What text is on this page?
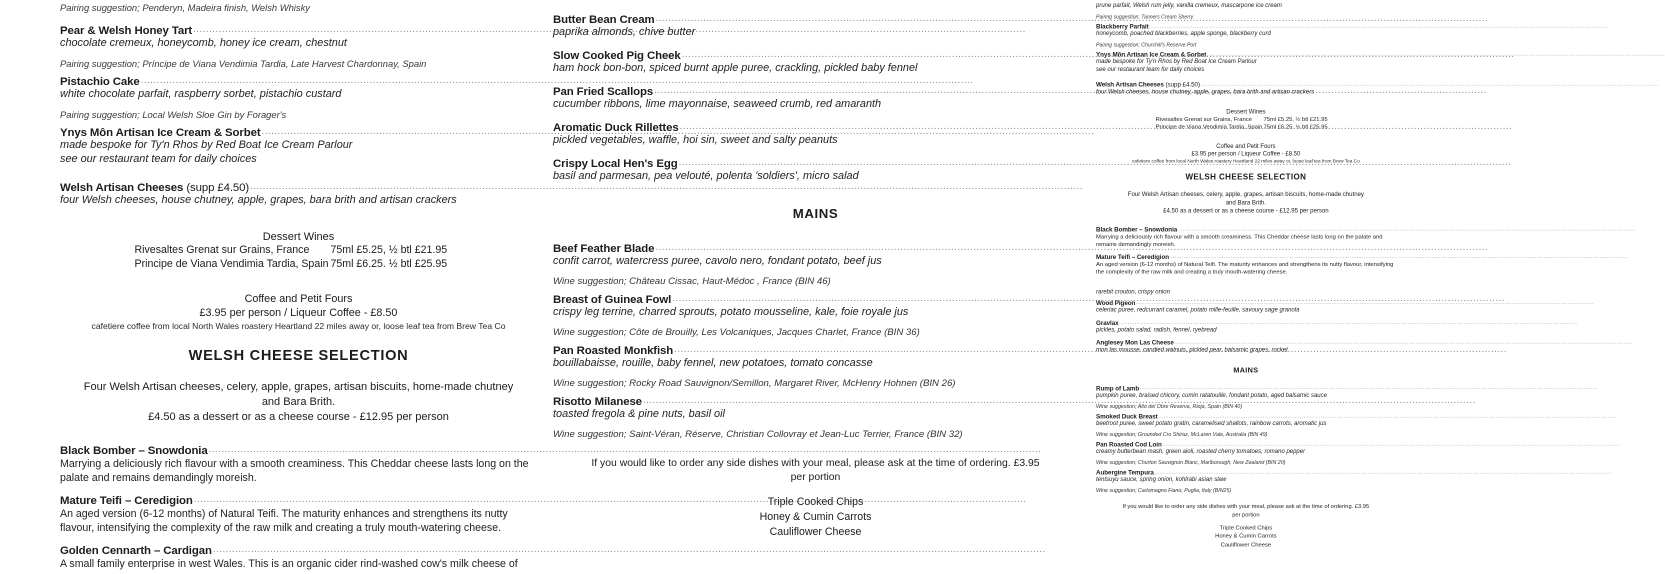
Pairing suggestion; Penderyn, Madeira finish, Welsh Whisky
Pear & Welsh Honey Tart
.....
chocolate cremeux, honeycomb, honey ice cream, chestnut
Pairing suggestion; Príncipe de Viana Vendimia Tardia, Late Harvest Chardonnay, Spain
Pistachio Cake
.....
white chocolate parfait, raspberry sorbet, pistachio custard
Pairing suggestion; Local Welsh Sloe Gin by Forager's
Ynys Môn Artisan Ice Cream & Sorbet
.....
made bespoke for Ty'n Rhos by Red Boat Ice Cream Parlour
see our restaurant team for daily choices
Welsh Artisan Cheeses (supp £4.50)
.....
four Welsh cheeses, house chutney, apple, grapes, bara brith and artisan crackers
Dessert Wines
Rivesaltes Grenat sur Grains, France	75ml £5.25, ½ btl £21.95
Principe de Viana Vendimia Tardia, Spain 75ml £6.25. ½ btl £25.95
Coffee and Petit Fours
£3.95 per person / Liqueur Coffee - £8.50
cafetiere coffee from local North Wales roastery Heartland 22 miles away or, loose leaf tea from Brew Tea Co
WELSH CHEESE SELECTION
Four Welsh Artisan cheeses, celery, apple, grapes, artisan biscuits, home-made chutney
and Bara Brith.
£4.50 as a dessert or as a cheese course - £12.95 per person
Black Bomber – Snowdonia
.....
Marrying a deliciously rich flavour with a smooth creaminess. This Cheddar cheese lasts long on the palate and remains demandingly moreish.
Mature Teifi – Ceredigion
.....
An aged version (6-12 months) of Natural Teifi. The maturity enhances and strengthens its nutty flavour, intensifying the complexity of the raw milk and creating a truly mouth-watering cheese.
Golden Cennarth – Cardigan
.....
A small family enterprise in west Wales. This is an organic cider rind-washed cow's milk cheese of
Butter Bean Cream
.....
paprika almonds, chive butter
Slow Cooked Pig Cheek
.....
ham hock bon-bon, spiced burnt apple puree, crackling, pickled baby fennel
Pan Fried Scallops
.....
cucumber ribbons, lime mayonnaise, seaweed crumb, red amaranth
Aromatic Duck Rillettes
.....
pickled vegetables, waffle, hoi sin, sweet and salty peanuts
Crispy Local Hen's Egg
.....
basil and parmesan, pea velouté, polenta 'soldiers', micro salad
MAINS
Beef Feather Blade
.....
confit carrot, watercress puree, cavolo nero, fondant potato, beef jus
Wine suggestion; Château Cissac, Haut-Médoc , France (BIN 46)
Breast of Guinea Fowl
.....
crispy leg terrine, charred sprouts, potato mousseline, kale, foie royale jus
Wine suggestion; Côte de Brouilly, Les Volcaniques, Jacques Charlet, France (BIN 36)
Pan Roasted Monkfish
.....
bouillabaisse, rouille, baby fennel, new potatoes, tomato concasse
Wine suggestion; Rocky Road Sauvignon/Semillon, Margaret River, McHenry Hohnen (BIN 26)
Risotto Milanese
.....
toasted fregola & pine nuts, basil oil
Wine suggestion; Saint-Véran, Réserve, Christian Collovray et Jean-Luc Terrier, France (BIN 32)
If you would like to order any side dishes with your meal, please ask at the time of ordering. £3.95
per portion
Triple Cooked Chips
Honey & Cumin Carrots
Cauliflower Cheese
prune parfait, Welsh rum jelly, vanilla cremeux, mascarpone ice cream
Pairing suggestion; Tanners Cream Sherry
Blackberry Parfait
.....
honeycomb, poached blackberries, apple sponge, blackberry curd
Pairing suggestion; Churchill's Reserve Port
Ynys Môn Artisan Ice Cream & Sorbet
.....
made bespoke for Ty'n Rhos by Red Boat Ice Cream Parlour
see our restaurant team for daily choices
Welsh Artisan Cheeses (supp £4.50)
.....
four Welsh cheeses, house chutney, apple, grapes, bara brith and artisan crackers
Dessert Wines
Rivesaltes Grenat sur Grains, France	75ml £5.25, ½ btl £21.95
Principe de Viana Vendimia Tardia, Spain 75ml £6.25. ½ btl £25.95
Coffee and Petit Fours
£3.95 per person / Liqueur Coffee - £8.50
cafetiere coffee from local North Wales roastery Heartland 22 miles away or, loose leaf tea from Brew Tea Co
WELSH CHEESE SELECTION
Four Welsh Artisan cheeses, celery, apple, grapes, artisan biscuits, home-made chutney
and Bara Brith.
£4.50 as a dessert or as a cheese course - £12.95 per person
Black Bomber – Snowdonia
.....
Marrying a deliciously rich flavour with a smooth creaminess. This Cheddar cheese lasts long on the palate and remains demandingly moreish.
Mature Teifi – Ceredigion
.....
An aged version (6-12 months) of Natural Teifi. The maturity enhances and strengthens its nutty flavour, intensifying the complexity of the raw milk and creating a truly mouth-watering cheese.
rarebit crouton, crispy onion
Wood Pigeon
.....
celeriac puree, redcurrant caramel, potato mille-feuille, savoury sage granola
Gravlax
.....
pickles, potato salad, radish, fennel, ryebread
Anglesey Mon Las Cheese
.....
mon las mousse, candied walnuts, pickled pear, balsamic grapes, rocket
MAINS
Rump of Lamb
.....
pumpkin puree, braised chicory, cumin ratatouille, fondant potato, aged balsamic sauce
Wine suggestion; Alto del Obre Reserva, Rioja, Spain (BIN 40)
Smoked Duck Breast
.....
beetroot puree, sweet potato gratin, caramelised shallots, rainbow carrots, aromatic jus
Wine suggestion; Grounded Cru Shiraz, McLaren Vale, Australia (BIN 49)
Pan Roasted Cod Loin
.....
creamy butterbean mash, green aioli, roasted cherry tomatoes, romano pepper
Wine suggestion; Churton Sauvignon Blanc, Marlborough, New Zealand (BIN 20)
Aubergine Tempura
.....
tentsuyu sauce, spring onion, kohlrabi asian slaw
Wine suggestion; Carlomagno Fiano, Puglia, Italy (BIN25)
If you would like to order any side dishes with your meal, please ask at the time of ordering. £3.95
per portion
Triple Cooked Chips
Honey & Cumin Carrots
Cauliflower Cheese
